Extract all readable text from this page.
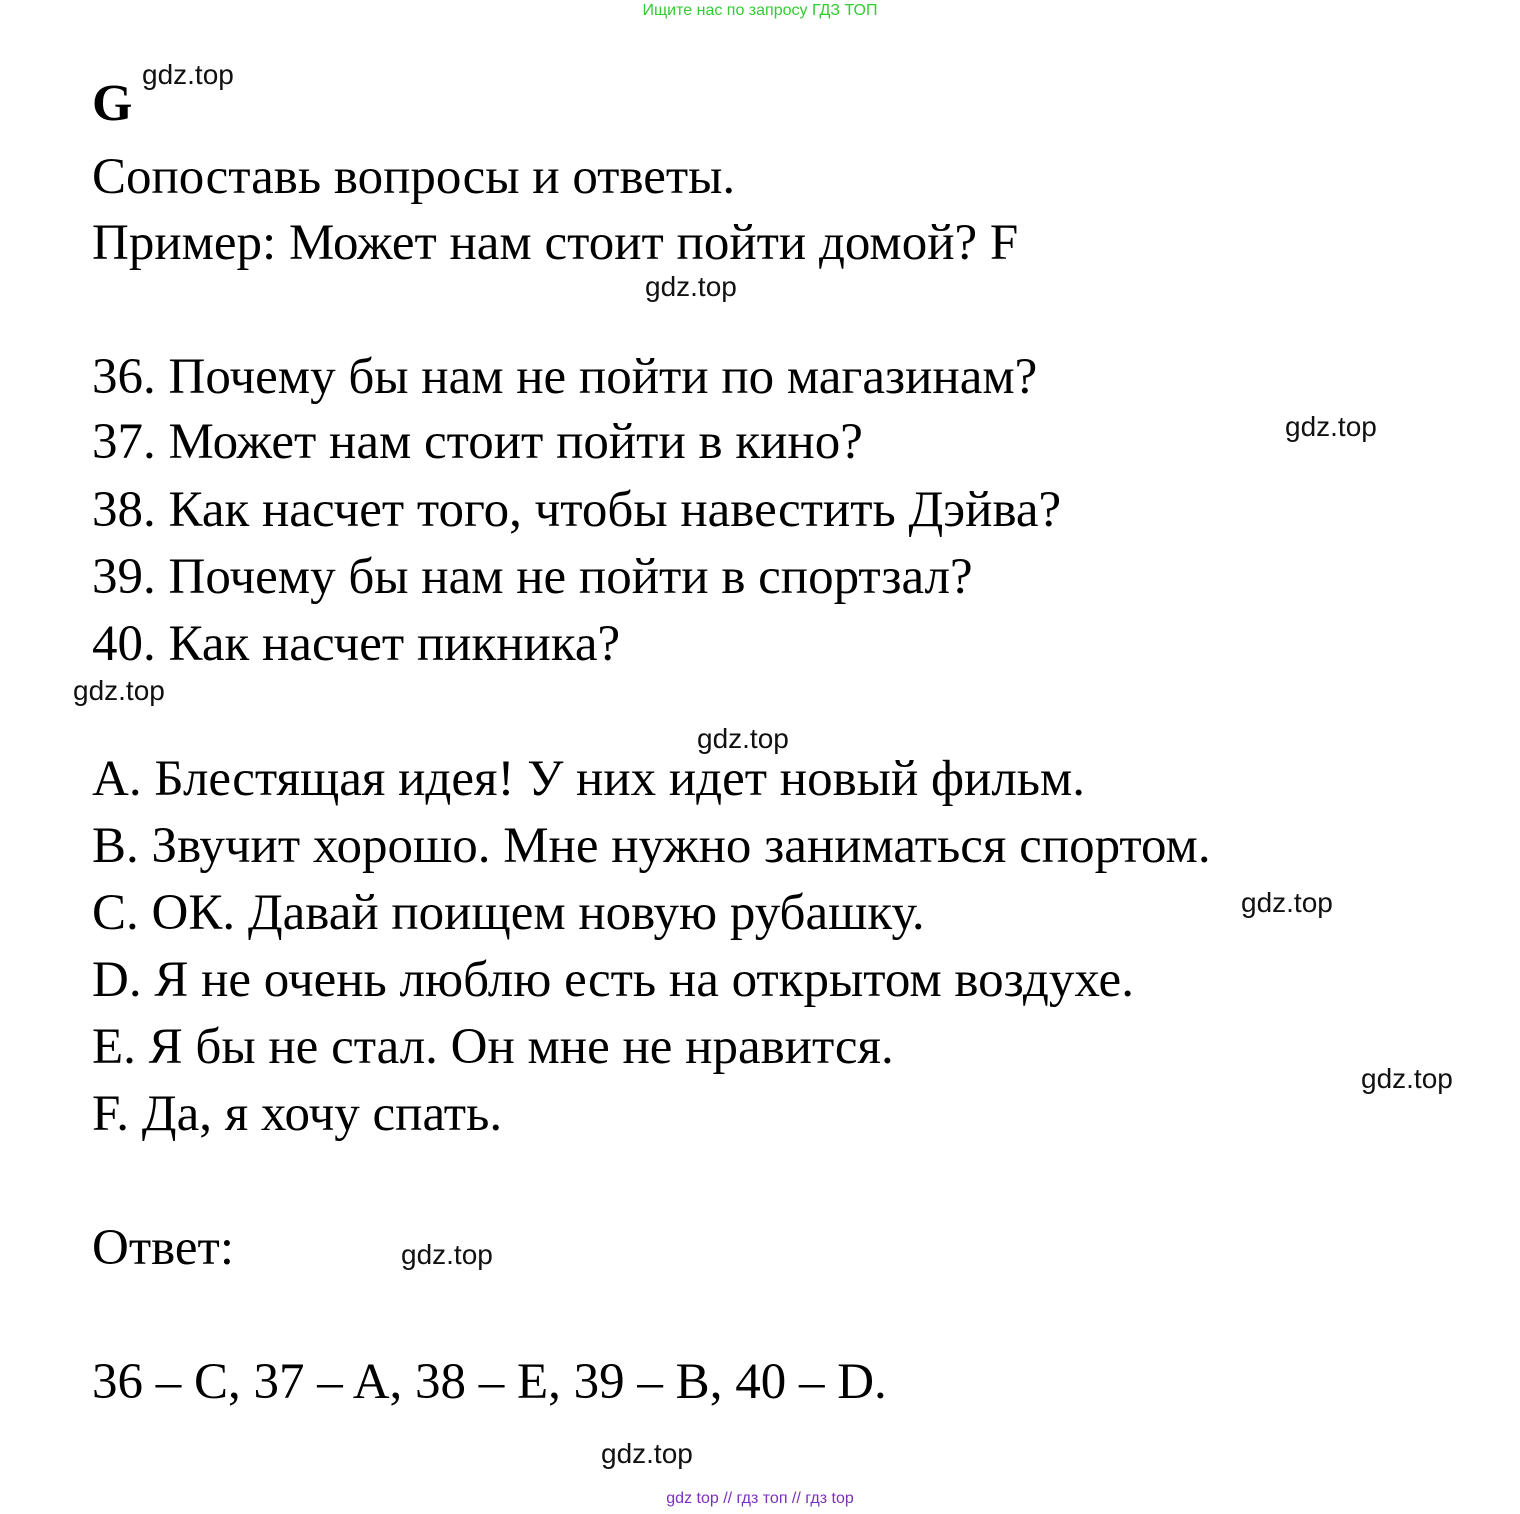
Ищите нас по запросу ГДЗ ТОП
G
Сопоставь вопросы и ответы.
Пример: Может нам стоит пойти домой? F
36. Почему бы нам не пойти по магазинам?
37. Может нам стоит пойти в кино?
38. Как насчет того, чтобы навестить Дэйва?
39. Почему бы нам не пойти в спортзал?
40. Как насчет пикника?
A. Блестящая идея! У них идет новый фильм.
B. Звучит хорошо. Мне нужно заниматься спортом.
C. ОК. Давай поищем новую рубашку.
D. Я не очень люблю есть на открытом воздухе.
E. Я бы не стал. Он мне не нравится.
F. Да, я хочу спать.
Ответ:
36 – C, 37 – A, 38 – E, 39 – B, 40 – D.
gdz.top
gdz.top
gdz.top
gdz.top
gdz.top
gdz.top
gdz.top
gdz.top
gdz.top
gdz top // гдз топ // гдз top
